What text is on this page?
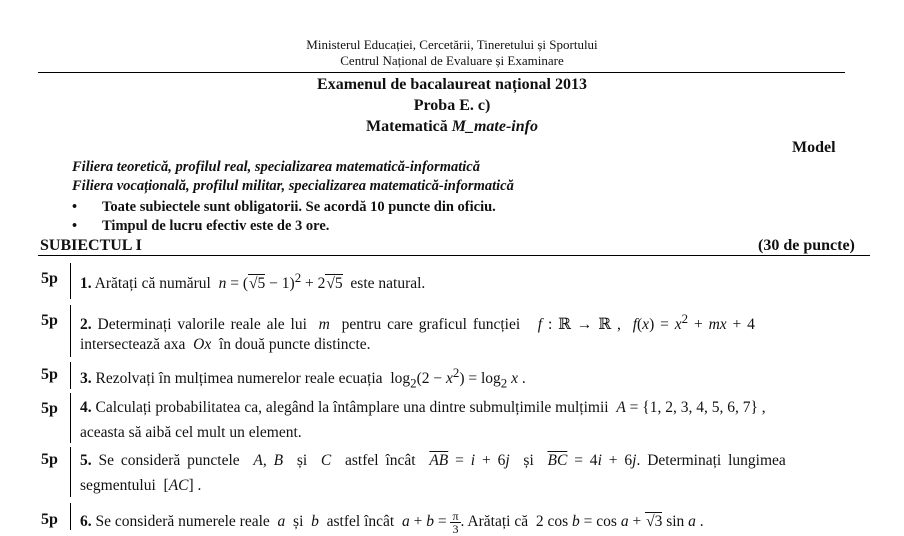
Ministerul Educației, Cercetării, Tineretului și Sportului
Centrul Național de Evaluare și Examinare
Examenul de bacalaureat național 2013
Proba E. c)
Matematică M_mate-info
Model
Filiera teoretică, profilul real, specializarea matematică-informatică
Filiera vocațională, profilul militar, specializarea matematică-informatică
• Toate subiectele sunt obligatorii. Se acordă 10 puncte din oficiu.
• Timpul de lucru efectiv este de 3 ore.
SUBIECTUL I	(30 de puncte)
5p 1. Arătați că numărul $n = (√5 - 1)^2 + 2√5$ este natural.
5p 2. Determinați valorile reale ale lui m pentru care graficul funcției f : ℝ → ℝ ,  $f(x) = x^2$ + mx + 4
intersectează axa Ox în două puncte distincte.
5p 3. Rezolvați în mulțimea numerelor reale ecuația  $\log_2(2 - x^2) = \log_2 x$ .
5p 4. Calculați probabilitatea ca, alegând la întâmplare una dintre submulțimile mulțimii A = {1, 2, 3, 4, 5, 6, 7} ,
aceasta să aibă cel mult un element.
5p 5. Se consideră punctele A, B și C astfel încât $\overline{AB} = i + 6j$ și $\overline{BC} = 4i + 6j$. Determinați lungimea
segmentului  [AC] .
5p 6. Se consideră numerele reale a și b astfel încât $a + b = \frac{\pi}{3}$ . Arătați că  2 cos b = cos a + √3 sin a .
